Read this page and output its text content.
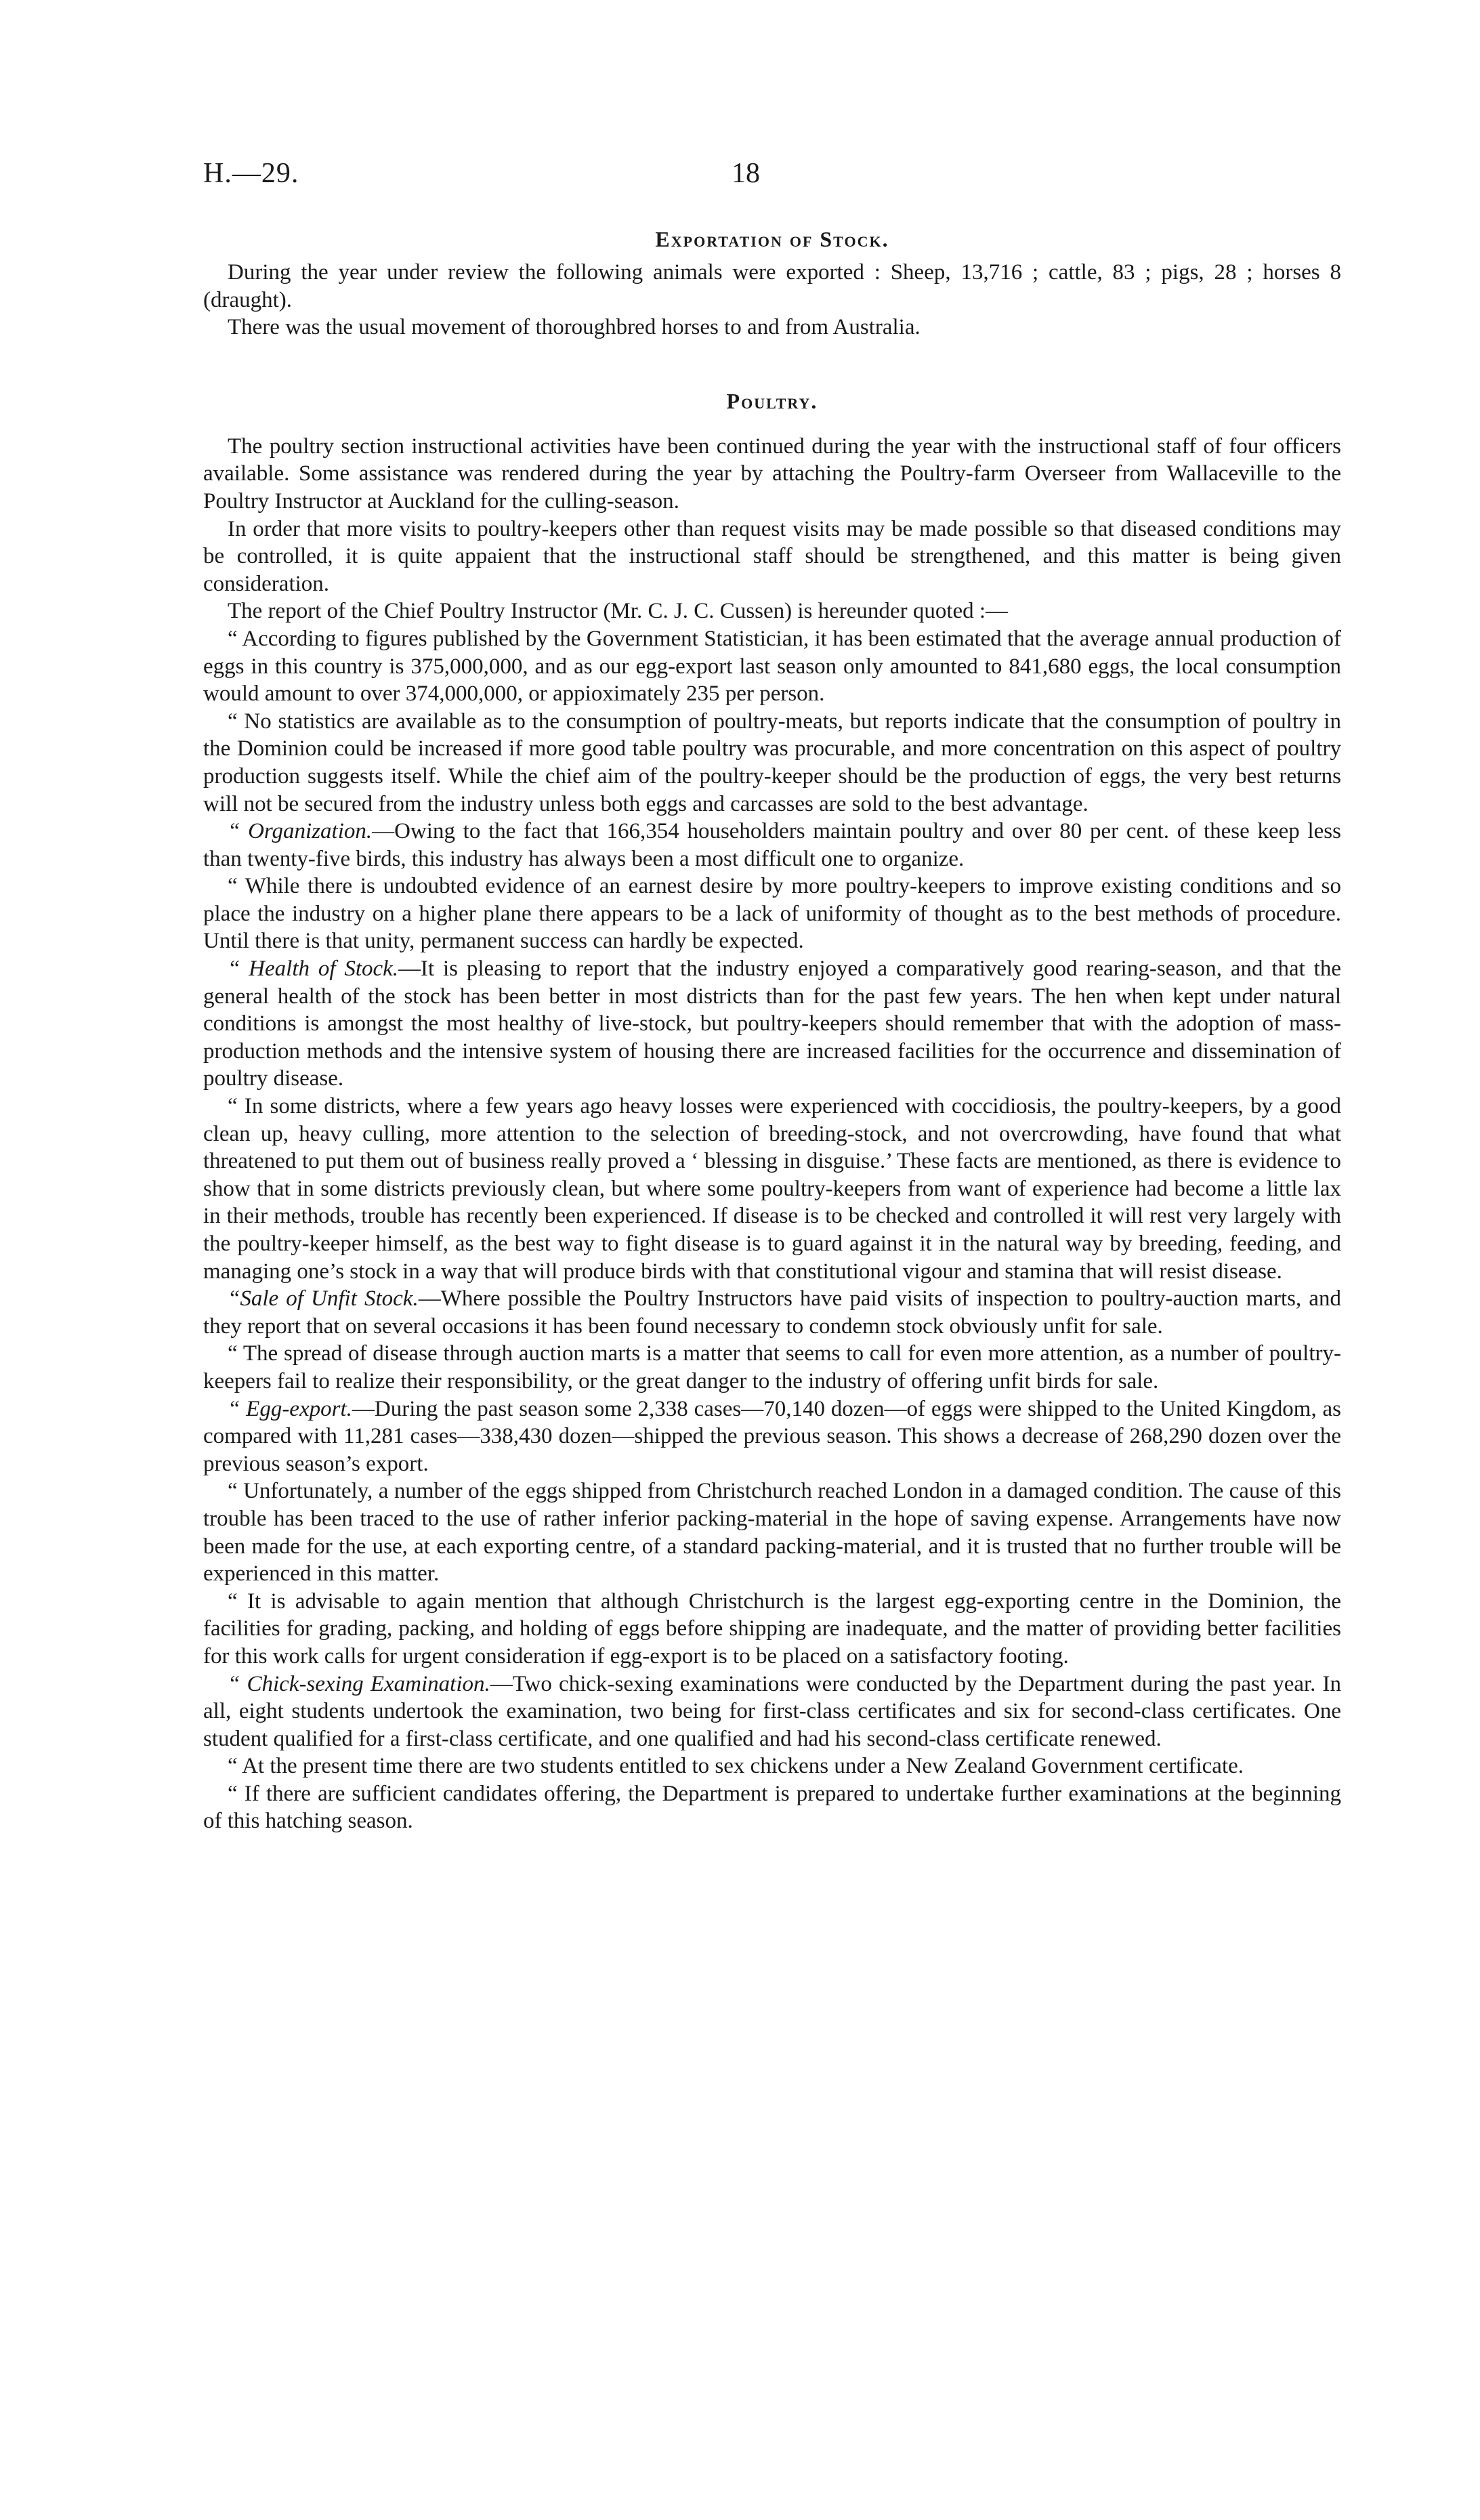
H.—29.	18
Exportation of Stock.

During the year under review the following animals were exported : Sheep, 13,716 ; cattle, 83 ; pigs, 28 ; horses 8 (draught).

There was the usual movement of thoroughbred horses to and from Australia.

Poultry.

The poultry section instructional activities have been continued during the year with the instructional staff of four officers available. Some assistance was rendered during the year by attaching the Poultry-farm Overseer from Wallaceville to the Poultry Instructor at Auckland for the culling-season.

In order that more visits to poultry-keepers other than request visits may be made possible so that diseased conditions may be controlled, it is quite appaient that the instructional staff should be strengthened, and this matter is being given consideration.

The report of the Chief Poultry Instructor (Mr. C. J. C. Cussen) is hereunder quoted :—

“ According to figures published by the Government Statistician, it has been estimated that the average annual production of eggs in this country is 375,000,000, and as our egg-export last season only amounted to 841,680 eggs, the local consumption would amount to over 374,000,000, or appioximately 235 per person.

“ No statistics are available as to the consumption of poultry-meats, but reports indicate that the consumption of poultry in the Dominion could be increased if more good table poultry was procurable, and more concentration on this aspect of poultry production suggests itself. While the chief aim of the poultry-keeper should be the production of eggs, the very best returns will not be secured from the industry unless both eggs and carcasses are sold to the best advantage.

“ Organization.—Owing to the fact that 166,354 householders maintain poultry and over 80 per cent. of these keep less than twenty-five birds, this industry has always been a most difficult one to organize.

“ While there is undoubted evidence of an earnest desire by more poultry-keepers to improve existing conditions and so place the industry on a higher plane there appears to be a lack of uniformity of thought as to the best methods of procedure. Until there is that unity, permanent success can hardly be expected.

“ Health of Stock.—It is pleasing to report that the industry enjoyed a comparatively good rearing-season, and that the general health of the stock has been better in most districts than for the past few years. The hen when kept under natural conditions is amongst the most healthy of live-stock, but poultry-keepers should remember that with the adoption of mass-production methods and the intensive system of housing there are increased facilities for the occurrence and dissemination of poultry disease.

“ In some districts, where a few years ago heavy losses were experienced with coccidiosis, the poultry-keepers, by a good clean up, heavy culling, more attention to the selection of breeding-stock, and not overcrowding, have found that what threatened to put them out of business really proved a ‘ blessing in disguise.’ These facts are mentioned, as there is evidence to show that in some districts previously clean, but where some poultry-keepers from want of experience had become a little lax in their methods, trouble has recently been experienced. If disease is to be checked and controlled it will rest very largely with the poultry-keeper himself, as the best way to fight disease is to guard against it in the natural way by breeding, feeding, and managing one’s stock in a way that will produce birds with that constitutional vigour and stamina that will resist disease.

“Sale of Unfit Stock.—Where possible the Poultry Instructors have paid visits of inspection to poultry-auction marts, and they report that on several occasions it has been found necessary to condemn stock obviously unfit for sale.

“ The spread of disease through auction marts is a matter that seems to call for even more attention, as a number of poultry-keepers fail to realize their responsibility, or the great danger to the industry of offering unfit birds for sale.

“ Egg-export.—During the past season some 2,338 cases—70,140 dozen—of eggs were shipped to the United Kingdom, as compared with 11,281 cases—338,430 dozen—shipped the previous season. This shows a decrease of 268,290 dozen over the previous season’s export.

“ Unfortunately, a number of the eggs shipped from Christchurch reached London in a damaged condition. The cause of this trouble has been traced to the use of rather inferior packing-material in the hope of saving expense. Arrangements have now been made for the use, at each exporting centre, of a standard packing-material, and it is trusted that no further trouble will be experienced in this matter.

“ It is advisable to again mention that although Christchurch is the largest egg-exporting centre in the Dominion, the facilities for grading, packing, and holding of eggs before shipping are inadequate, and the matter of providing better facilities for this work calls for urgent consideration if egg-export is to be placed on a satisfactory footing.

“ Chick-sexing Examination.—Two chick-sexing examinations were conducted by the Department during the past year. In all, eight students undertook the examination, two being for first-class certificates and six for second-class certificates. One student qualified for a first-class certificate, and one qualified and had his second-class certificate renewed.

“ At the present time there are two students entitled to sex chickens under a New Zealand Government certificate.

“ If there are sufficient candidates offering, the Department is prepared to undertake further examinations at the beginning of this hatching season.
